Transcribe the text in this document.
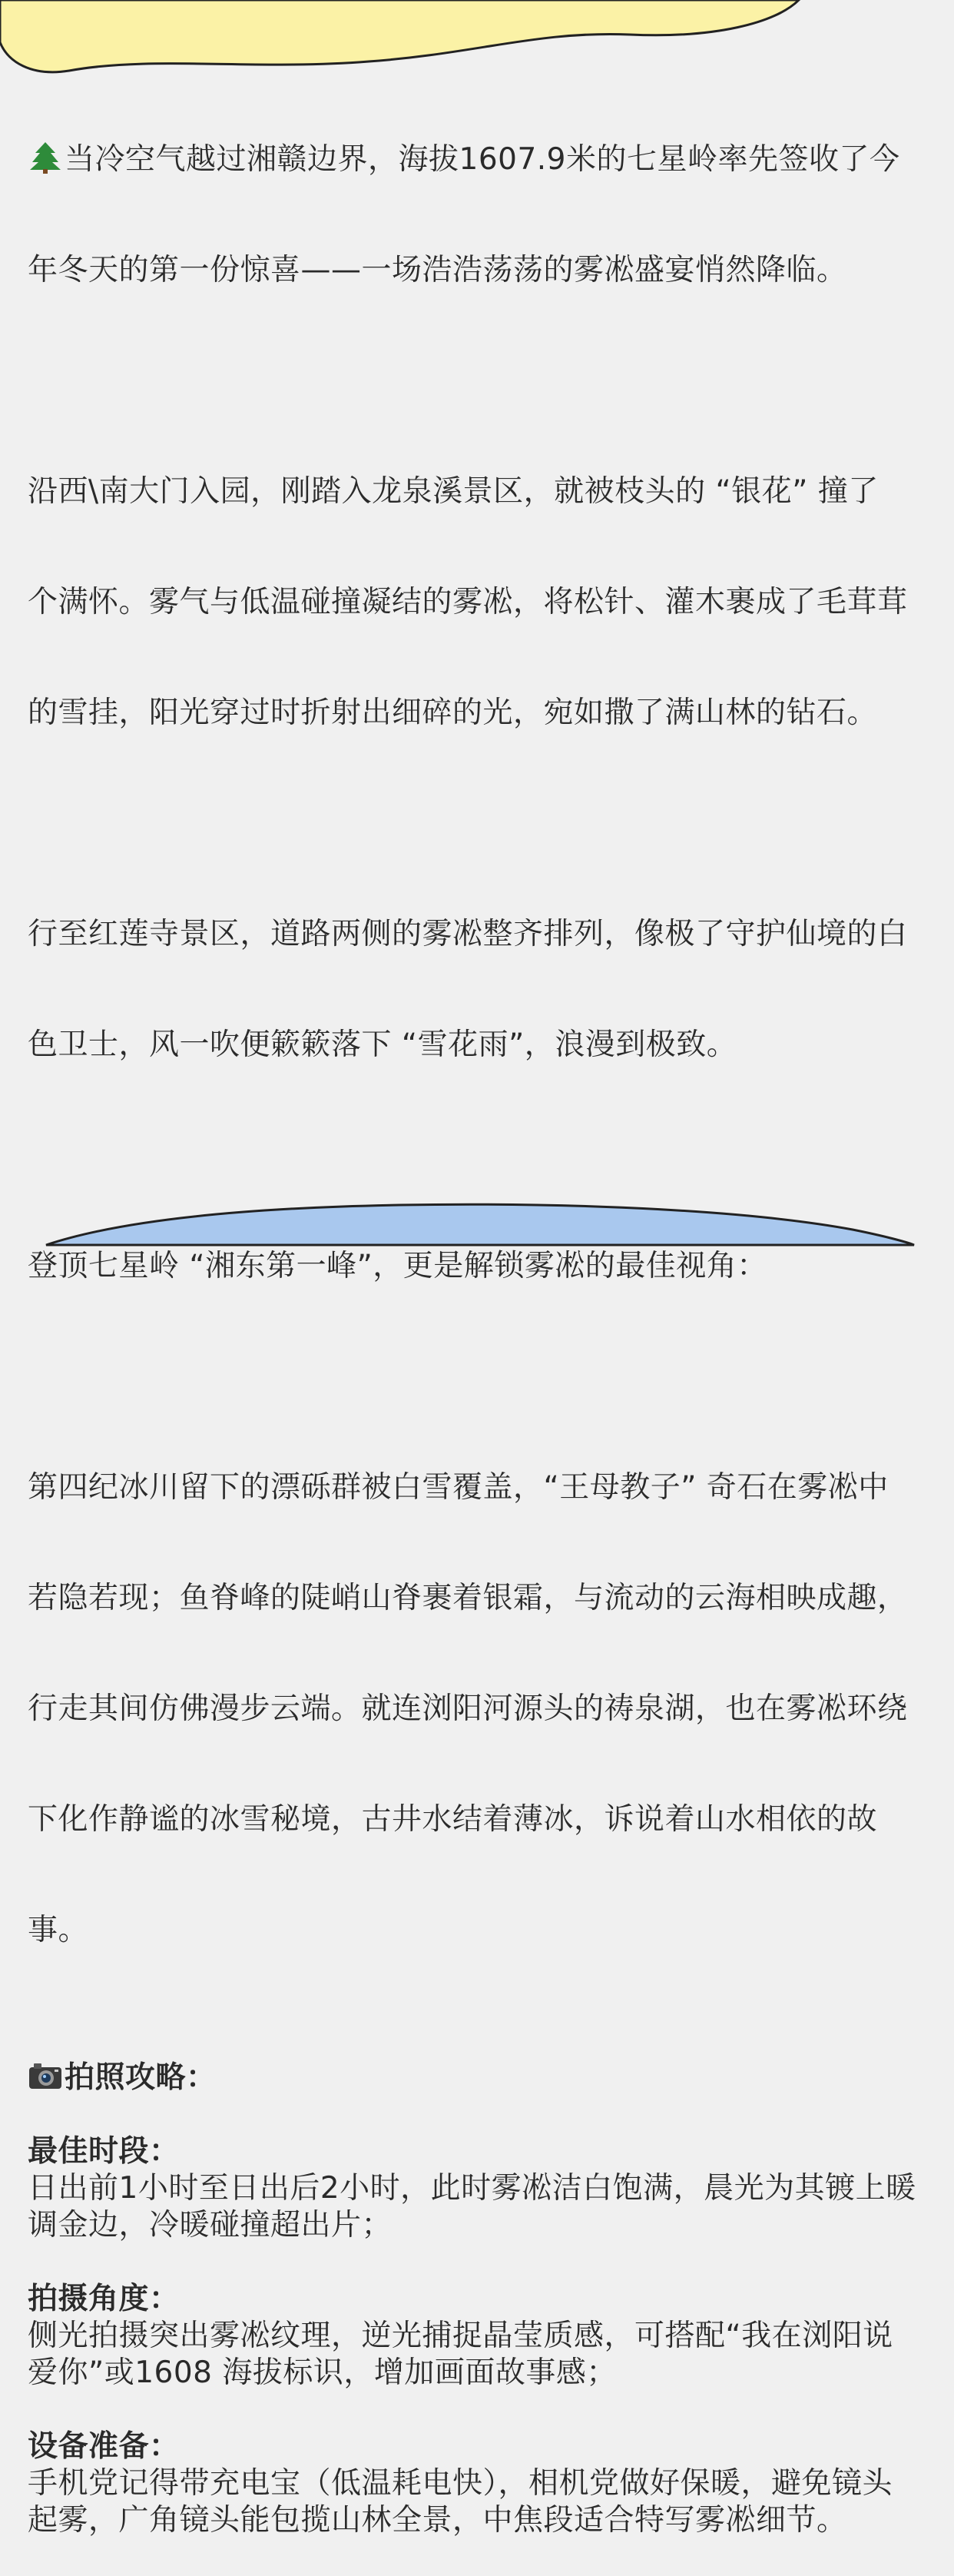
当冷空气越过湘赣边界，海拔1607.9米的七星岭率先签收了今

年冬天的第一份惊喜——一场浩浩荡荡的雾凇盛宴悄然降临。

沿西\南大门入园，刚踏入龙泉溪景区，就被枝头的 “银花” 撞了

个满怀。雾气与低温碰撞凝结的雾凇，将松针、灌木裹成了毛茸茸

的雪挂，阳光穿过时折射出细碎的光，宛如撒了满山林的钻石。

行至红莲寺景区，道路两侧的雾凇整齐排列，像极了守护仙境的白

色卫士，风一吹便簌簌落下 “雪花雨”，浪漫到极致。

登顶七星岭 “湘东第一峰”，更是解锁雾凇的最佳视角：

第四纪冰川留下的漂砾群被白雪覆盖，“王母教子” 奇石在雾凇中

若隐若现；鱼脊峰的陡峭山脊裹着银霜，与流动的云海相映成趣，

行走其间仿佛漫步云端。就连浏阳河源头的祷泉湖，也在雾凇环绕

下化作静谧的冰雪秘境，古井水结着薄冰，诉说着山水相依的故

事。

拍照攻略：
最佳时段：
日出前1小时至日出后2小时，此时雾凇洁白饱满，晨光为其镀上暖
调金边，冷暖碰撞超出片；
拍摄角度：
侧光拍摄突出雾凇纹理，逆光捕捉晶莹质感，可搭配“我在浏阳说
爱你”或1608 海拔标识，增加画面故事感；
设备准备：
手机党记得带充电宝（低温耗电快），相机党做好保暖，避免镜头
起雾，广角镜头能包揽山林全景，中焦段适合特写雾凇细节。
